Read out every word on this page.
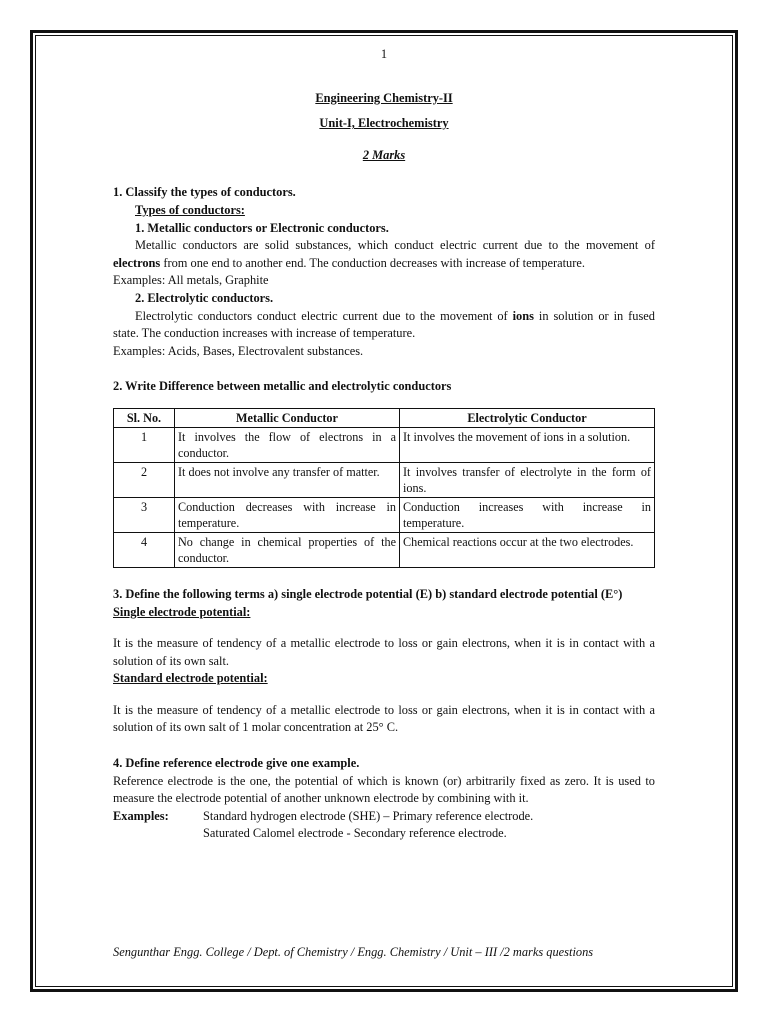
1

Engineering Chemistry-II

Unit-I, Electrochemistry

2 Marks

1. Classify the types of conductors.

Types of conductors:

1. Metallic conductors or Electronic conductors.

Metallic conductors are solid substances, which conduct electric current due to the movement of electrons from one end to another end. The conduction decreases with increase of temperature.

Examples: All metals, Graphite

2. Electrolytic conductors.

Electrolytic conductors conduct electric current due to the movement of ions in solution or in fused state. The conduction increases with increase of temperature.

Examples: Acids, Bases, Electrovalent substances.

2. Write Difference between metallic and electrolytic conductors

Sl. No.	Metallic Conductor	Electrolytic Conductor
1	It involves the flow of electrons in a conductor.	It involves the movement of ions in a solution.
2	It does not involve any transfer of matter.	It involves transfer of electrolyte in the form of ions.
3	Conduction decreases with increase in temperature.	Conduction increases with increase in temperature.
4	No change in chemical properties of the conductor.	Chemical reactions occur at the two electrodes.

3. Define the following terms a) single electrode potential (E) b) standard electrode potential (E°)

Single electrode potential:

It is the measure of tendency of a metallic electrode to loss or gain electrons, when it is in contact with a solution of its own salt.

Standard electrode potential:

It is the measure of tendency of a metallic electrode to loss or gain electrons, when it is in contact with a solution of its own salt of 1 molar concentration at 25° C.

4. Define reference electrode give one example.

Reference electrode is the one, the potential of which is known (or) arbitrarily fixed as zero. It is used to measure the electrode potential of another unknown electrode by combining with it.

Examples:	Standard hydrogen electrode (SHE) – Primary reference electrode.

Saturated Calomel electrode - Secondary reference electrode.

Sengunthar Engg. College / Dept. of Chemistry / Engg. Chemistry / Unit – III /2 marks questions
